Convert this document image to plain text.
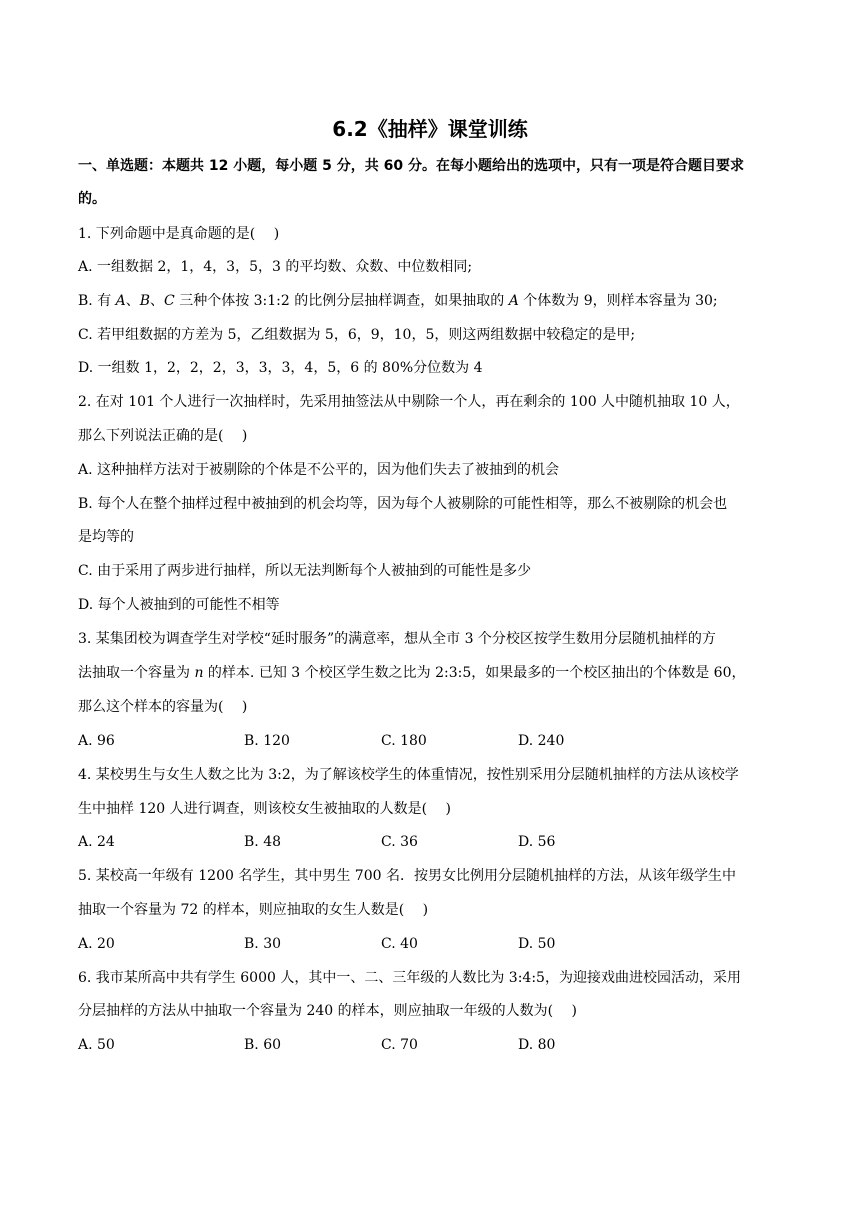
6.2《抽样》课堂训练
一、单选题：本题共 12 小题，每小题 5 分，共 60 分。在每小题给出的选项中，只有一项是符合题目要求
的。
1. 下列命题中是真命题的是(　 )
A. 一组数据 2，1，4，3，5，3 的平均数、众数、中位数相同;
B. 有 𝐴、𝐵、𝐶 三种个体按 3:1:2 的比例分层抽样调查，如果抽取的 𝐴 个体数为 9，则样本容量为 30;
C. 若甲组数据的方差为 5，乙组数据为 5，6，9，10，5，则这两组数据中较稳定的是甲;
D. 一组数 1，2，2，2，3，3，3，4，5，6 的 80%分位数为 4
2. 在对 101 个人进行一次抽样时，先采用抽签法从中剔除一个人，再在剩余的 100 人中随机抽取 10 人，
那么下列说法正确的是(　 )
A. 这种抽样方法对于被剔除的个体是不公平的，因为他们失去了被抽到的机会
B. 每个人在整个抽样过程中被抽到的机会均等，因为每个人被剔除的可能性相等，那么不被剔除的机会也
是均等的
C. 由于采用了两步进行抽样，所以无法判断每个人被抽到的可能性是多少
D. 每个人被抽到的可能性不相等
3. 某集团校为调查学生对学校“延时服务”的满意率，想从全市 3 个分校区按学生数用分层随机抽样的方
法抽取一个容量为 𝑛 的样本. 已知 3 个校区学生数之比为 2:3:5，如果最多的一个校区抽出的个体数是 60，
那么这个样本的容量为(　 )
A. 96	B. 120	C. 180	D. 240
4. 某校男生与女生人数之比为 3:2，为了解该校学生的体重情况，按性别采用分层随机抽样的方法从该校学
生中抽样 120 人进行调查，则该校女生被抽取的人数是(　 )
A. 24	B. 48	C. 36	D. 56
5. 某校高一年级有 1200 名学生，其中男生 700 名．按男女比例用分层随机抽样的方法，从该年级学生中
抽取一个容量为 72 的样本，则应抽取的女生人数是(　 )
A. 20	B. 30	C. 40	D. 50
6. 我市某所高中共有学生 6000 人，其中一、二、三年级的人数比为 3:4:5，为迎接戏曲进校园活动，采用
分层抽样的方法从中抽取一个容量为 240 的样本，则应抽取一年级的人数为(　 )
A. 50	B. 60	C. 70	D. 80
